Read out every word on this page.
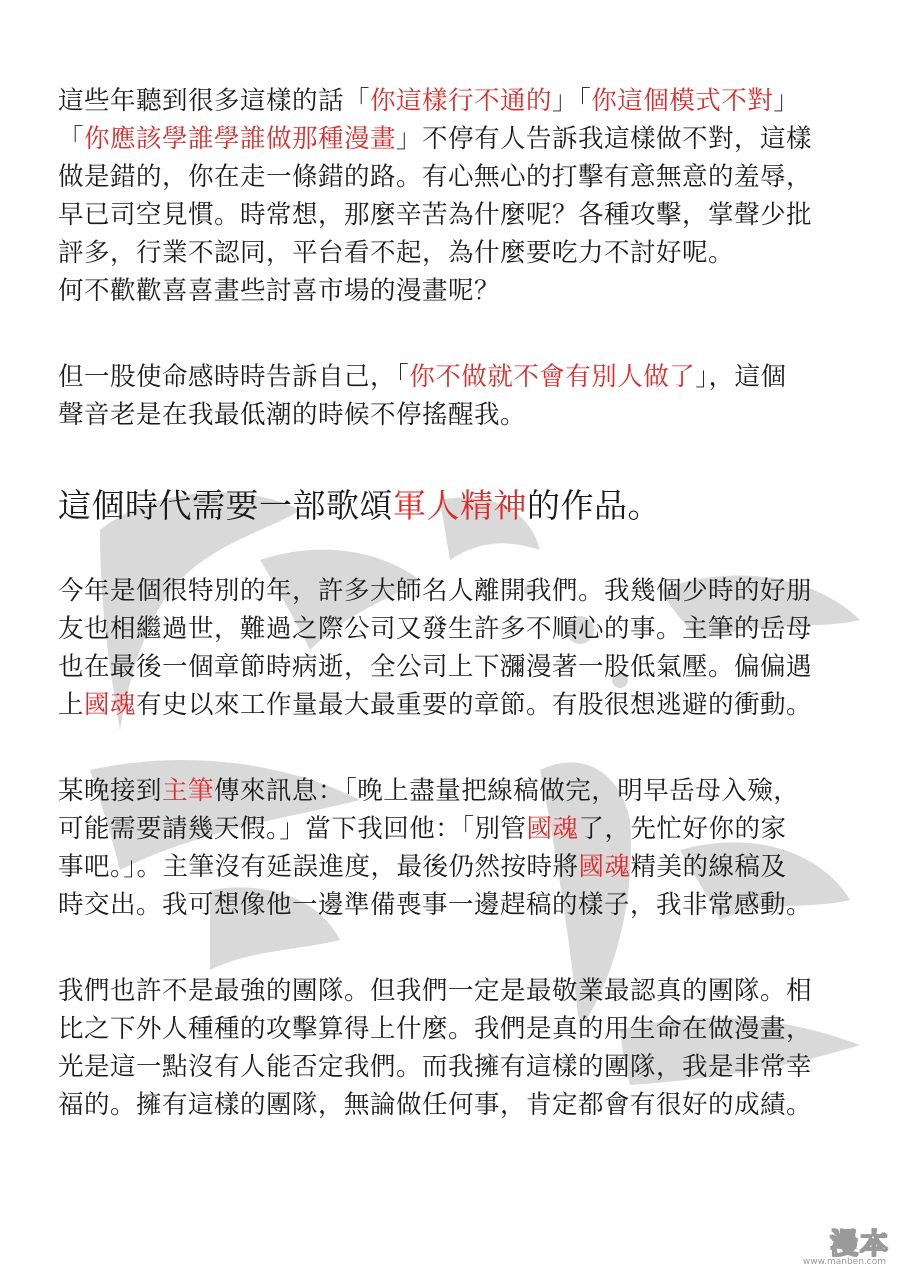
這些年聽到很多這樣的話「你這樣行不通的」「你這個模式不對」
「你應該學誰學誰做那種漫畫」不停有人告訴我這樣做不對，這樣
做是錯的，你在走一條錯的路。有心無心的打擊有意無意的羞辱，
早已司空見慣。時常想，那麼辛苦為什麼呢？各種攻擊，掌聲少批
評多，行業不認同，平台看不起，為什麼要吃力不討好呢。
何不歡歡喜喜畫些討喜市場的漫畫呢？
但一股使命感時時告訴自己，「你不做就不會有別人做了」，這個
聲音老是在我最低潮的時候不停搖醒我。
這個時代需要一部歌頌軍人精神的作品。
今年是個很特別的年，許多大師名人離開我們。我幾個少時的好朋
友也相繼過世，難過之際公司又發生許多不順心的事。主筆的岳母
也在最後一個章節時病逝，全公司上下瀰漫著一股低氣壓。偏偏遇
上國魂有史以來工作量最大最重要的章節。有股很想逃避的衝動。
某晚接到主筆傳來訊息：「晚上盡量把線稿做完，明早岳母入殮，
可能需要請幾天假。」當下我回他：「別管國魂了，先忙好你的家
事吧。」。主筆沒有延誤進度，最後仍然按時將國魂精美的線稿及
時交出。我可想像他一邊準備喪事一邊趕稿的樣子，我非常感動。
我們也許不是最強的團隊。但我們一定是最敬業最認真的團隊。相
比之下外人種種的攻擊算得上什麼。我們是真的用生命在做漫畫，
光是這一點沒有人能否定我們。而我擁有這樣的團隊，我是非常幸
福的。擁有這樣的團隊，無論做任何事，肯定都會有很好的成績。
漫本
www.manben.com
